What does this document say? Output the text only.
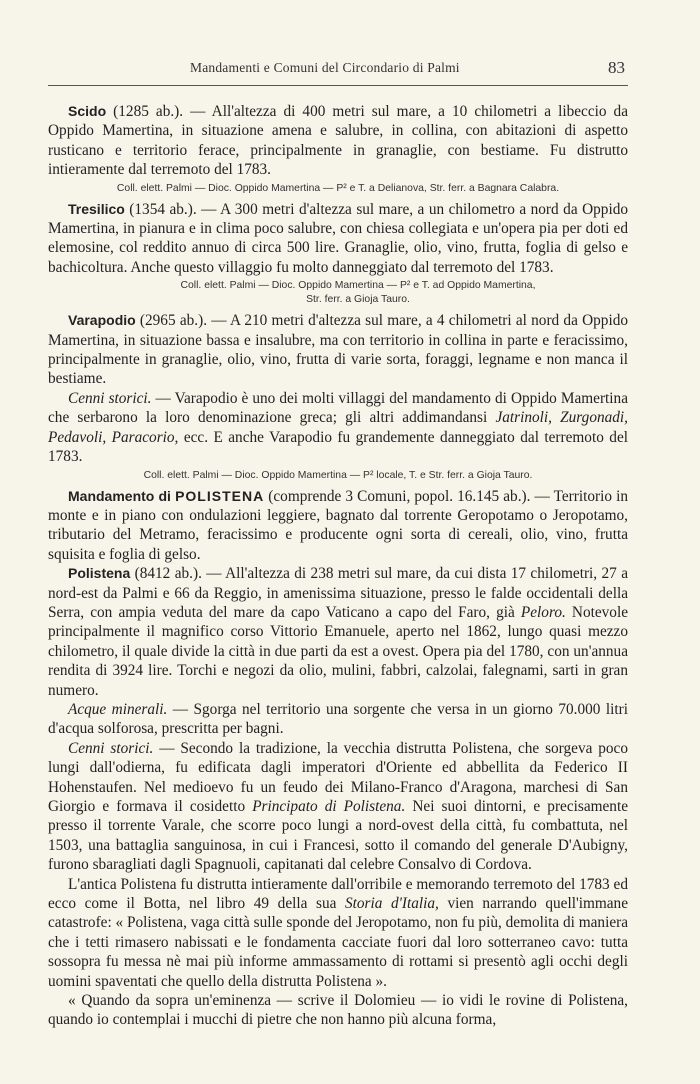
Mandamenti e Comuni del Circondario di Palmi	83

Scido (1285 ab.). — All'altezza di 400 metri sul mare, a 10 chilometri a libeccio da Oppido Mamertina, in situazione amena e salubre, in collina, con abitazioni di aspetto rusticano e territorio ferace, principalmente in granaglie, con bestiame. Fu distrutto intieramente dal terremoto del 1783.

Coll. elett. Palmi — Dioc. Oppido Mamertina — P² e T. a Delianova, Str. ferr. a Bagnara Calabra.

Tresilico (1354 ab.). — A 300 metri d'altezza sul mare, a un chilometro a nord da Oppido Mamertina, in pianura e in clima poco salubre, con chiesa collegiata e un'opera pia per doti ed elemosine, col reddito annuo di circa 500 lire. Granaglie, olio, vino, frutta, foglia di gelso e bachicoltura. Anche questo villaggio fu molto danneggiato dal terremoto del 1783.

Coll. elett. Palmi — Dioc. Oppido Mamertina — P² e T. ad Oppido Mamertina,
Str. ferr. a Gioja Tauro.

Varapodio (2965 ab.). — A 210 metri d'altezza sul mare, a 4 chilometri al nord da Oppido Mamertina, in situazione bassa e insalubre, ma con territorio in collina in parte e feracissimo, principalmente in granaglie, olio, vino, frutta di varie sorta, foraggi, legname e non manca il bestiame.

Cenni storici. — Varapodio è uno dei molti villaggi del mandamento di Oppido Mamertina che serbarono la loro denominazione greca; gli altri addimandansi Jatrinoli, Zurgonadi, Pedavoli, Paracorio, ecc. E anche Varapodio fu grandemente danneggiato dal terremoto del 1783.

Coll. elett. Palmi — Dioc. Oppido Mamertina — P² locale, T. e Str. ferr. a Gioja Tauro.

Mandamento di POLISTENA (comprende 3 Comuni, popol. 16.145 ab.). — Territorio in monte e in piano con ondulazioni leggiere, bagnato dal torrente Geropotamo o Jeropotamo, tributario del Metramo, feracissimo e producente ogni sorta di cereali, olio, vino, frutta squisita e foglia di gelso.

Polistena (8412 ab.). — All'altezza di 238 metri sul mare, da cui dista 17 chilometri, 27 a nord-est da Palmi e 66 da Reggio, in amenissima situazione, presso le falde occidentali della Serra, con ampia veduta del mare da capo Vaticano a capo del Faro, già Peloro. Notevole principalmente il magnifico corso Vittorio Emanuele, aperto nel 1862, lungo quasi mezzo chilometro, il quale divide la città in due parti da est a ovest. Opera pia del 1780, con un'annua rendita di 3924 lire. Torchi e negozi da olio, mulini, fabbri, calzolai, falegnami, sarti in gran numero.

Acque minerali. — Sgorga nel territorio una sorgente che versa in un giorno 70.000 litri d'acqua solforosa, prescritta per bagni.

Cenni storici. — Secondo la tradizione, la vecchia distrutta Polistena, che sorgeva poco lungi dall'odierna, fu edificata dagli imperatori d'Oriente ed abbellita da Federico II Hohenstaufen. Nel medioevo fu un feudo dei Milano-Franco d'Aragona, marchesi di San Giorgio e formava il cosidetto Principato di Polistena. Nei suoi dintorni, e precisamente presso il torrente Varale, che scorre poco lungi a nord-ovest della città, fu combattuta, nel 1503, una battaglia sanguinosa, in cui i Francesi, sotto il comando del generale D'Aubigny, furono sbaragliati dagli Spagnuoli, capitanati dal celebre Consalvo di Cordova.

L'antica Polistena fu distrutta intieramente dall'orribile e memorando terremoto del 1783 ed ecco come il Botta, nel libro 49 della sua Storia d'Italia, vien narrando quell'immane catastrofe: « Polistena, vaga città sulle sponde del Jeropotamo, non fu più, demolita di maniera che i tetti rimasero nabissati e le fondamenta cacciate fuori dal loro sotterraneo cavo: tutta sossopra fu messa nè mai più informe ammassamento di rottami si presentò agli occhi degli uomini spaventati che quello della distrutta Polistena ».

« Quando da sopra un'eminenza — scrive il Dolomieu — io vidi le rovine di Polistena, quando io contemplai i mucchi di pietre che non hanno più alcuna forma,
